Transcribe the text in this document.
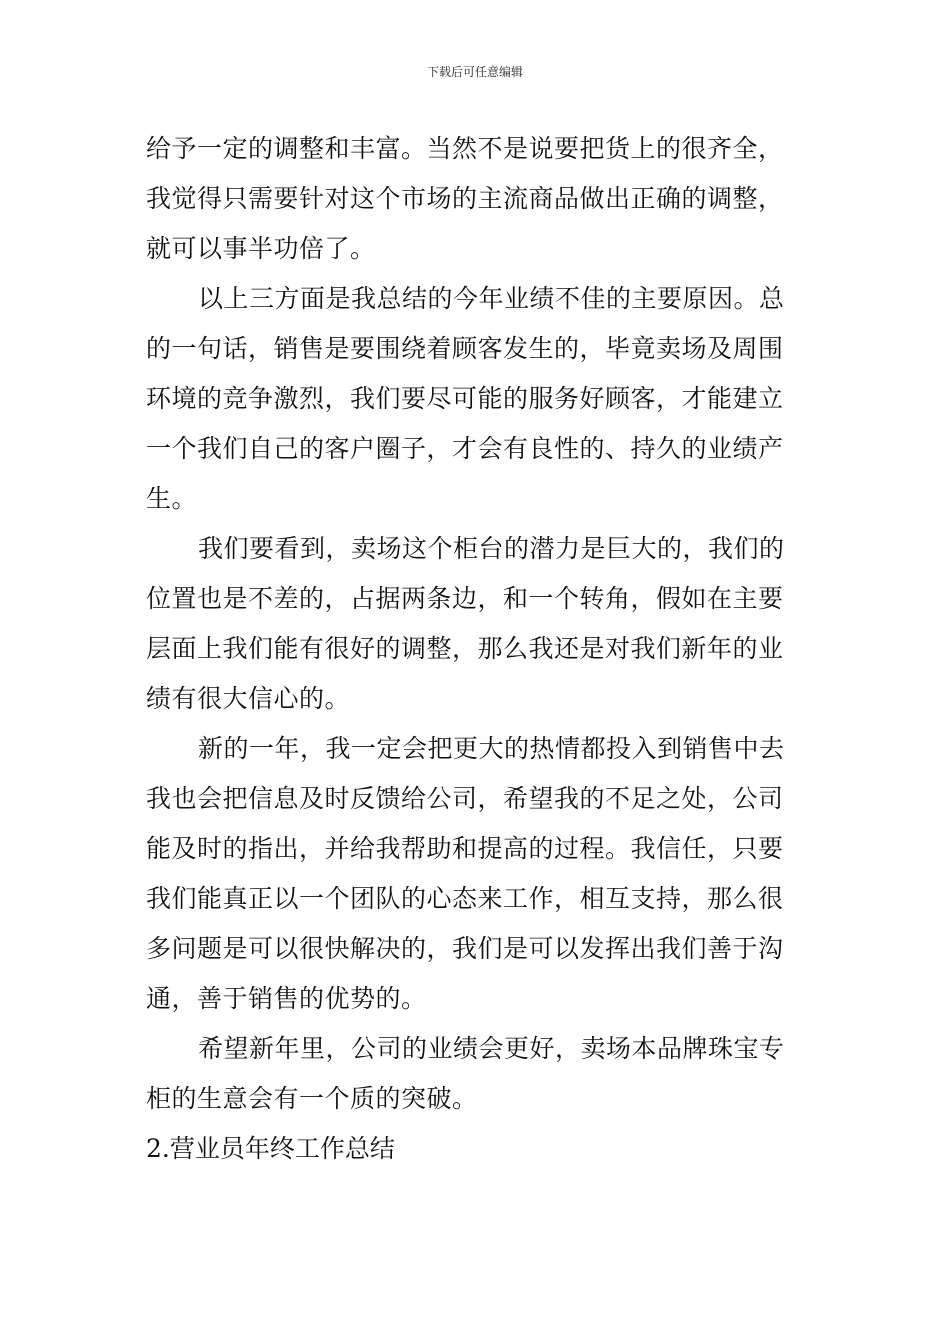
下载后可任意编辑
给予一定的调整和丰富。当然不是说要把货上的很齐全，
我觉得只需要针对这个市场的主流商品做出正确的调整，
就可以事半功倍了。
以上三方面是我总结的今年业绩不佳的主要原因。总
的一句话，销售是要围绕着顾客发生的，毕竟卖场及周围
环境的竞争激烈，我们要尽可能的服务好顾客，才能建立
一个我们自己的客户圈子，才会有良性的、持久的业绩产
生。
我们要看到，卖场这个柜台的潜力是巨大的，我们的
位置也是不差的，占据两条边，和一个转角，假如在主要
层面上我们能有很好的调整，那么我还是对我们新年的业
绩有很大信心的。
新的一年，我一定会把更大的热情都投入到销售中去
我也会把信息及时反馈给公司，希望我的不足之处，公司
能及时的指出，并给我帮助和提高的过程。我信任，只要
我们能真正以一个团队的心态来工作，相互支持，那么很
多问题是可以很快解决的，我们是可以发挥出我们善于沟
通，善于销售的优势的。
希望新年里，公司的业绩会更好，卖场本品牌珠宝专
柜的生意会有一个质的突破。
2.营业员年终工作总结
